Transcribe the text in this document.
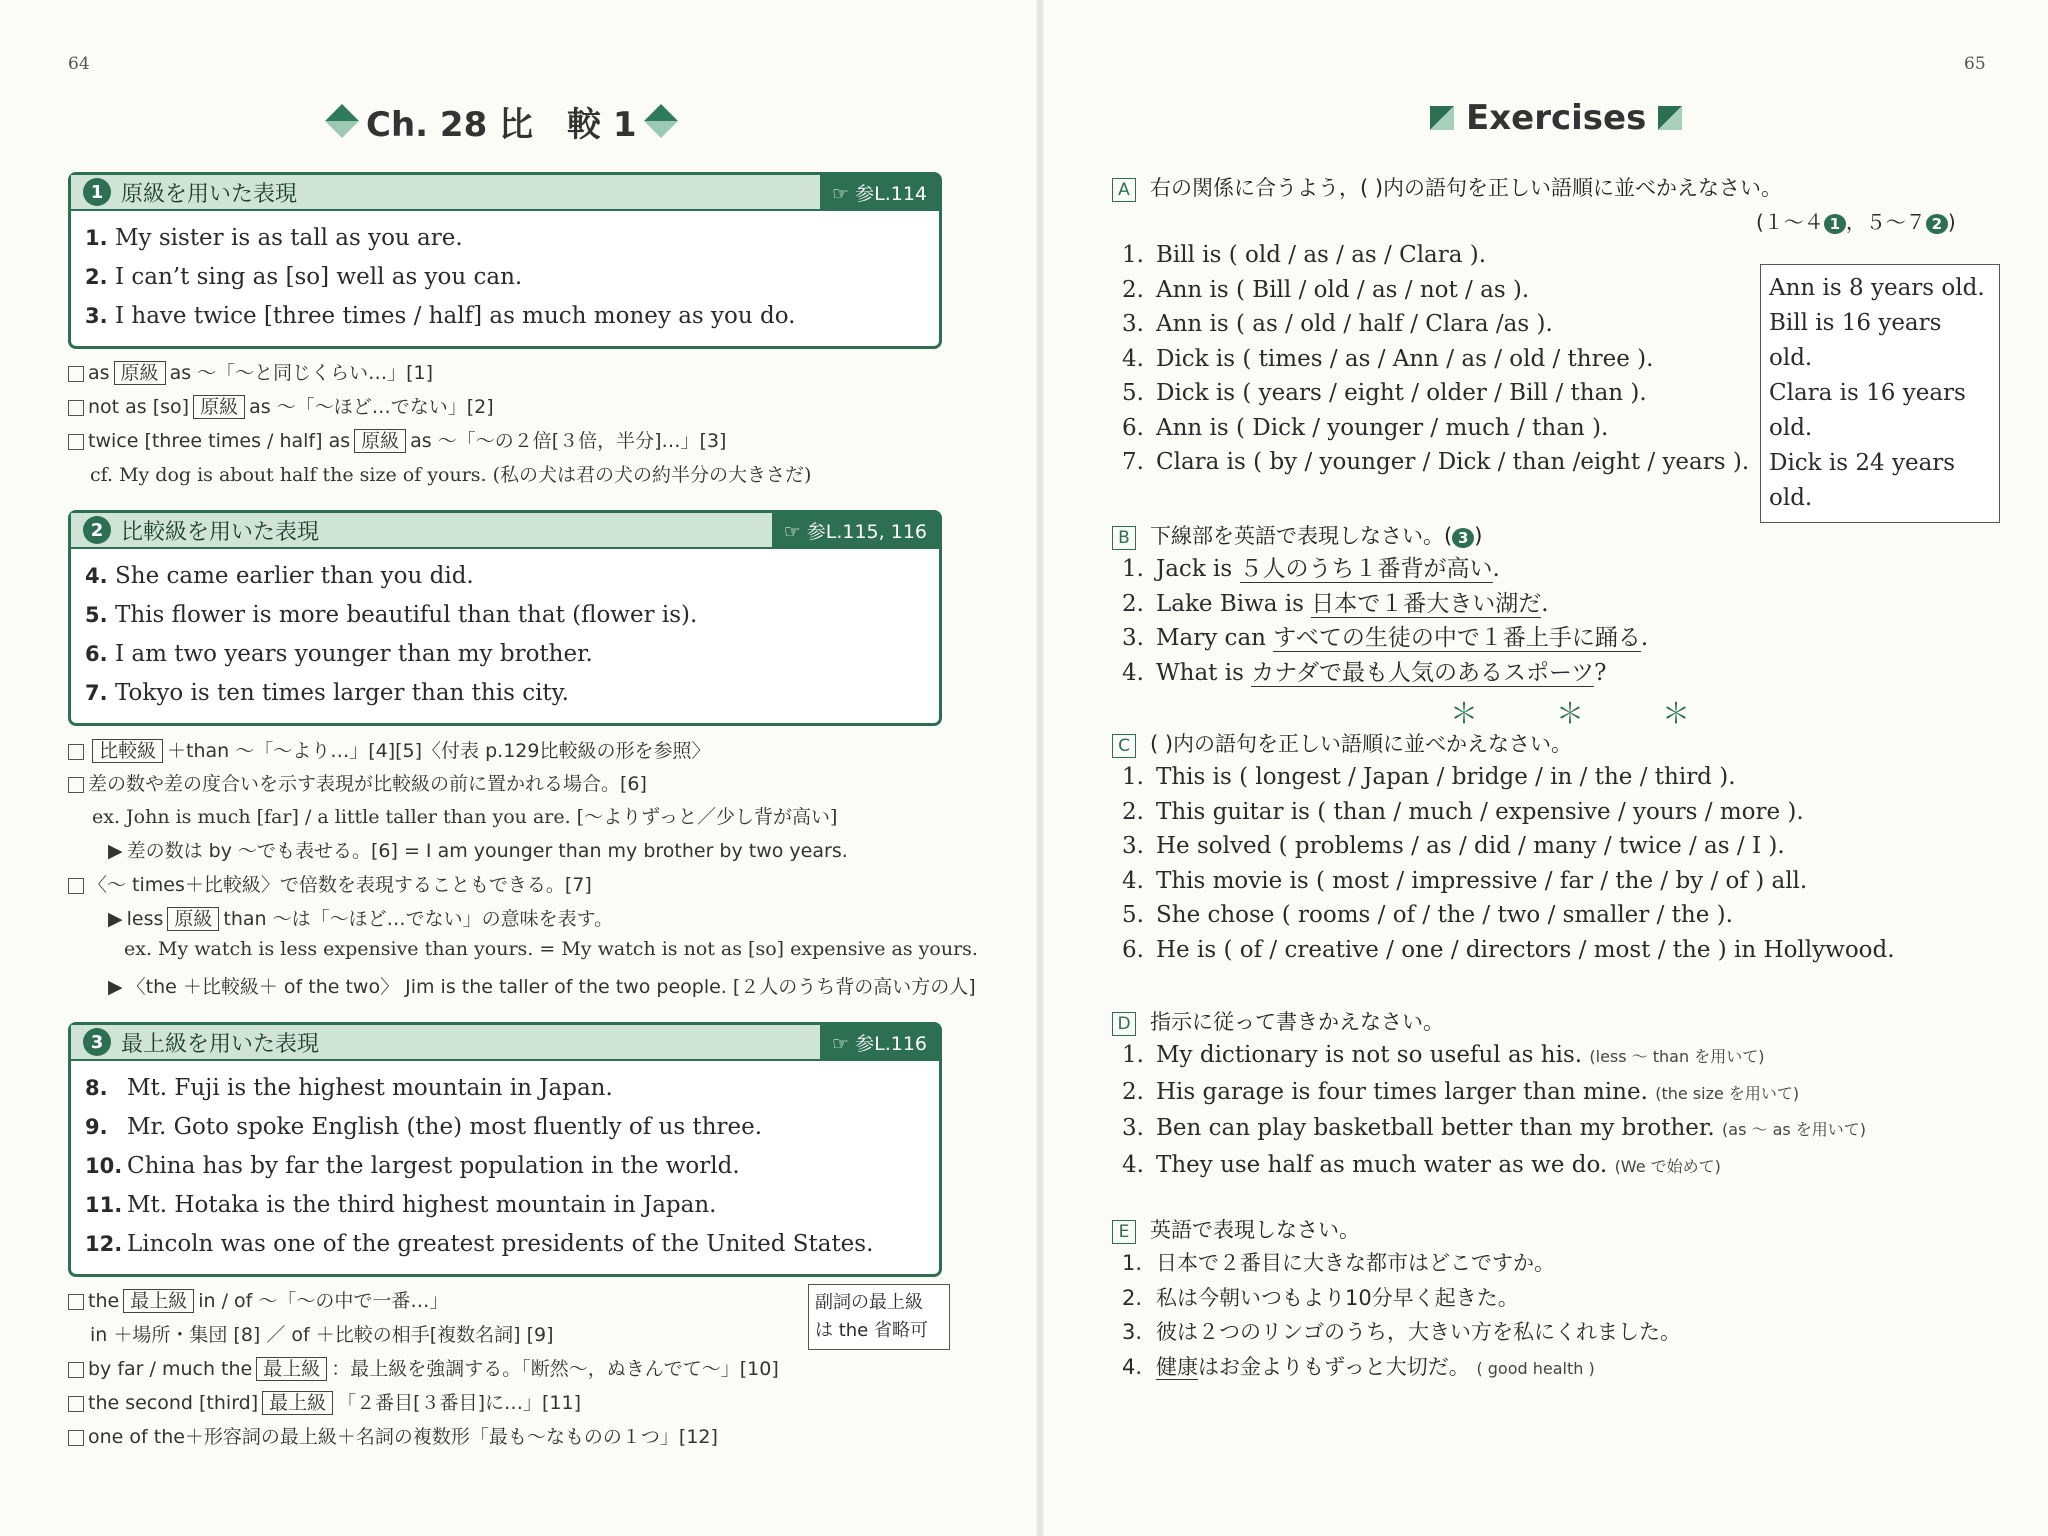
64
Ch. 28 比　較 1
1 原級を用いた表現	☞ 参L.114
1. My sister is as tall as you are.
2. I can’t sing as [so] well as you can.
3. I have twice [three times / half] as much money as you do.
as 原級 as ～「～と同じくらい…」[1]
not as [so] 原級 as ～「～ほど…でない」[2]
twice [three times / half] as 原級 as ～「～の２倍[３倍，半分]…」[3]
cf. My dog is about half the size of yours. (私の犬は君の犬の約半分の大きさだ)
2 比較級を用いた表現	☞ 参L.115, 116
4. She came earlier than you did.
5. This flower is more beautiful than that (flower is).
6. I am two years younger than my brother.
7. Tokyo is ten times larger than this city.
比較級 ＋than ～「～より…」[4][5]〈付表 p.129比較級の形を参照〉
差の数や差の度合いを示す表現が比較級の前に置かれる場合。[6]
ex. John is much [far] / a little taller than you are. [～よりずっと／少し背が高い]
▶ 差の数は by ～でも表せる。[6] = I am younger than my brother by two years.
〈～ times＋比較級〉で倍数を表現することもできる。[7]
▶ less 原級 than ～は「～ほど…でない」の意味を表す。
ex. My watch is less expensive than yours. = My watch is not as [so] expensive as yours.
▶ 〈the ＋比較級＋ of the two〉 Jim is the taller of the two people. [２人のうち背の高い方の人]
3 最上級を用いた表現	☞ 参L.116
8. Mt. Fuji is the highest mountain in Japan.
9. Mr. Goto spoke English (the) most fluently of us three.
10. China has by far the largest population in the world.
11. Mt. Hotaka is the third highest mountain in Japan.
12. Lincoln was one of the greatest presidents of the United States.
the 最上級 in / of ～「～の中で一番…」
in ＋場所・集団 [8] ／ of ＋比較の相手[複数名詞] [9]
by far / much the 最上級 ：最上級を強調する。「断然～，ぬきんでて～」[10]
the second [third] 最上級 「２番目[３番目]に…」[11]
one of the＋形容詞の最上級＋名詞の複数形「最も～なものの１つ」[12]
副詞の最上級
は the 省略可
65
Exercises
A 右の関係に合うよう，( )内の語句を正しい語順に並べかえなさい。
(１～４ 1 ，５～７ 2 )
1. Bill is ( old / as / as / Clara ).
2. Ann is ( Bill / old / as / not / as ).
3. Ann is ( as / old / half / Clara /as ).
4. Dick is ( times / as / Ann / as / old / three ).
5. Dick is ( years / eight / older / Bill / than ).
6. Ann is ( Dick / younger / much / than ).
7. Clara is ( by / younger / Dick / than /eight / years ).
Ann is 8 years old.
Bill is 16 years old.
Clara is 16 years old.
Dick is 24 years old.
B 下線部を英語で表現しなさい。( 3 )
1. Jack is ５人のうち１番背が高い.
2. Lake Biwa is 日本で１番大きい湖だ.
3. Mary can すべての生徒の中で１番上手に踊る.
4. What is カナダで最も人気のあるスポーツ?
＊	＊	＊
C ( )内の語句を正しい語順に並べかえなさい。
1. This is ( longest / Japan / bridge / in / the / third ).
2. This guitar is ( than / much / expensive / yours / more ).
3. He solved ( problems / as / did / many / twice / as / I ).
4. This movie is ( most / impressive / far / the / by / of ) all.
5. She chose ( rooms / of / the / two / smaller / the ).
6. He is ( of / creative / one / directors / most / the ) in Hollywood.
D 指示に従って書きかえなさい。
1. My dictionary is not so useful as his. (less ～ than を用いて)
2. His garage is four times larger than mine. (the size を用いて)
3. Ben can play basketball better than my brother. (as ～ as を用いて)
4. They use half as much water as we do. (We で始めて)
E 英語で表現しなさい。
1. 日本で２番目に大きな都市はどこですか。
2. 私は今朝いつもより10分早く起きた。
3. 彼は２つのリンゴのうち，大きい方を私にくれました。
4. 健康はお金よりもずっと大切だ。 ( good health )
